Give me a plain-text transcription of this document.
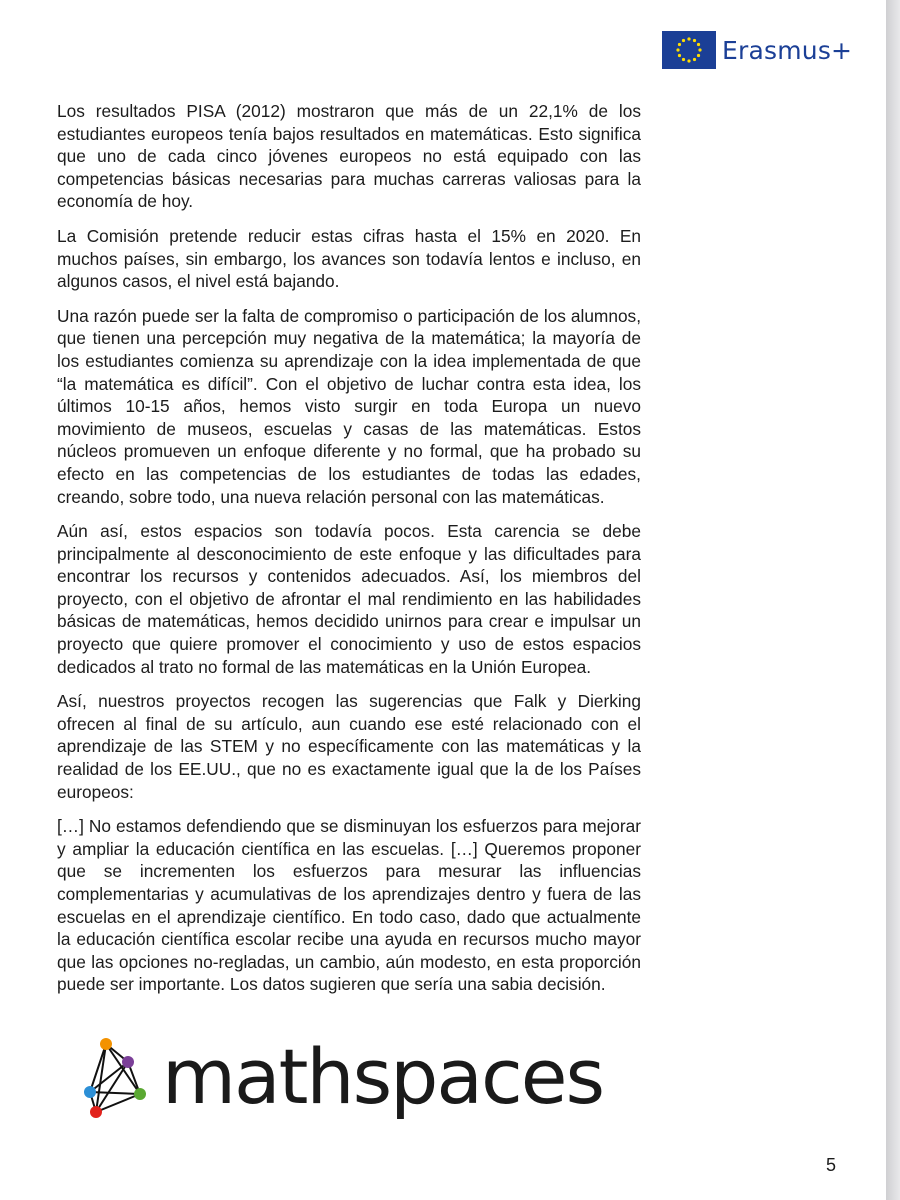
Erasmus+

Los resultados PISA (2012) mostraron que más de un 22,1% de los estudiantes europeos tenía bajos resultados en matemáticas. Esto significa que uno de cada cinco jóvenes europeos no está equipado con las competencias básicas necesarias para muchas carreras valiosas para la economía de hoy.

La Comisión pretende reducir estas cifras hasta el 15% en 2020. En muchos países, sin embargo, los avances son todavía lentos e incluso, en algunos casos, el nivel está bajando.

Una razón puede ser la falta de compromiso o participación de los alumnos, que tienen una percepción muy negativa de la matemática; la mayoría de los estudiantes comienza su aprendizaje con la idea implementada de que “la matemática es difícil”. Con el objetivo de luchar contra esta idea, los últimos 10-15 años, hemos visto surgir en toda Europa un nuevo movimiento de museos, escuelas y casas de las matemáticas. Estos núcleos promueven un enfoque diferente y no formal, que ha probado su efecto en las competencias de los estudiantes de todas las edades, creando, sobre todo, una nueva relación personal con las matemáticas.

Aún así, estos espacios son todavía pocos. Esta carencia se debe principalmente al desconocimiento de este enfoque y las dificultades para encontrar los recursos y contenidos adecuados. Así, los miembros del proyecto, con el objetivo de afrontar el mal rendimiento en las habilidades básicas de matemáticas, hemos decidido unirnos para crear e impulsar un proyecto que quiere promover el conocimiento y uso de estos espacios dedicados al trato no formal de las matemáticas en la Unión Europea.

Así, nuestros proyectos recogen las sugerencias que Falk y Dierking ofrecen al final de su artículo, aun cuando ese esté relacionado con el aprendizaje de las STEM y no específicamente con las matemáticas y la realidad de los EE.UU., que no es exactamente igual que la de los Países europeos:

[…] No estamos defendiendo que se disminuyan los esfuerzos para mejorar y ampliar la educación científica en las escuelas. […] Queremos proponer que se incrementen los esfuerzos para mesurar las influencias complementarias y acumulativas de los aprendizajes dentro y fuera de las escuelas en el aprendizaje científico. En todo caso, dado que actualmente la educación científica escolar recibe una ayuda en recursos mucho mayor que las opciones no-regladas, un cambio, aún modesto, en esta proporción puede ser importante. Los datos sugieren que sería una sabia decisión.

mathspaces
5
